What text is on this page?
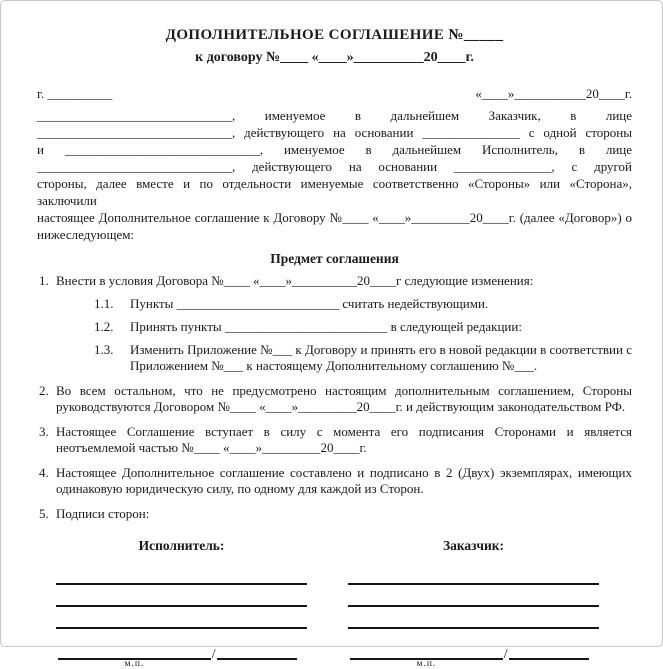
ДОПОЛНИТЕЛЬНОЕ СОГЛАШЕНИЕ №_____
к договору №____ «____»__________20____г.
г. __________	«____»___________20____г.
______________________________, именуемое в дальнейшем Заказчик, в лице
______________________________, действующего на основании _______________ с одной стороны
и ______________________________, именуемое в дальнейшем Исполнитель, в лице
______________________________, действующего на основании _______________, с другой
стороны, далее вместе и по отдельности именуемые соответственно «Стороны» или «Сторона», заключили
настоящее Дополнительное соглашение к Договору №____ «____»_________20____г. (далее «Договор») о
нижеследующем:
Предмет соглашения
1. Внести в условия Договора №____ «____»__________20____г следующие изменения:
1.1.	Пункты _________________________ считать недействующими.
1.2.	Принять пункты _________________________ в следующей редакции:
1.3.	Изменить Приложение №___ к Договору и принять его в новой редакции в соответствии с Приложением №___ к настоящему Дополнительному соглашению №___.
2. Во всем остальном, что не предусмотрено настоящим дополнительным соглашением, Стороны руководствуются Договором №____ «____»_________20____г. и действующим законодательством РФ.
3. Настоящее Соглашение вступает в силу с момента его подписания Сторонами и является неотъемлемой частью №____ «____»_________20____г.
4. Настоящее Дополнительное соглашение составлено и подписано в 2 (Двух) экземплярах, имеющих одинаковую юридическую силу, по одному для каждой из Сторон.
5. Подписи сторон:
Исполнитель:
м.п.
/
Заказчик:
м.п.
/
